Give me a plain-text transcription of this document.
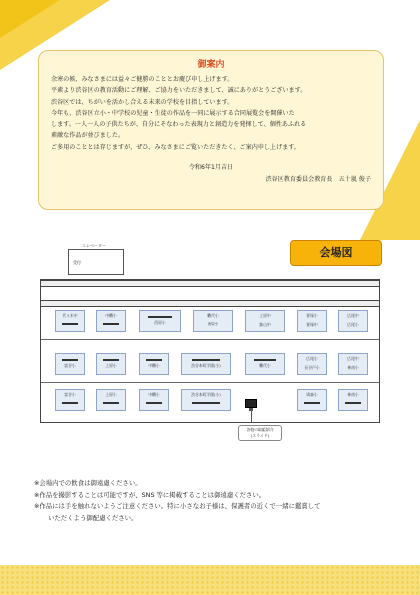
御案内

余寒の候、みなさまには益々ご健勝のこととお慶び申し上げます。

平素より渋谷区の教育活動にご理解、ご協力をいただきまして、誠にありがとうございます。

渋谷区では、ちがいを活かし合える未来の学校を目指しています。

今年も、渋谷区立小・中学校の児童・生徒の作品を一同に展示する合同展覧会を開催いた

します。一人一人の子供たちが、自分にそなわった表現力と創造力を発揮して、個性あふれる

素敵な作品が並びました。

ご多用のこととは存じますが、ぜひ、みなさまにご覧いただきたく、ご案内申し上げます。

令和6年1月吉日

渋谷区教育委員会教育長　五十嵐 俊子

エレベーター
受付
会場図
代々木中	中幡小
西原小
幡代小
西原小
上原中
鉢山中
笹塚小
笹塚中
広尾中
広尾小
富谷小	上原小	中幡小	渋谷本町学園(小)	幡代小
広尾小
長谷戸小
広尾中
神南小
富谷小	上原小	中幡小	渋谷本町学園(小)	鳩森小	神南小
各校の取組紹介
(スライド)
※会場内での飲食は御遠慮ください。
※作品を撮影することは可能ですが、SNS 等に掲載することは御遠慮ください。
※作品には手を触れないようご注意ください。特に小さなお子様は、保護者の近くで一緒に鑑賞して
いただくよう御配慮ください。
